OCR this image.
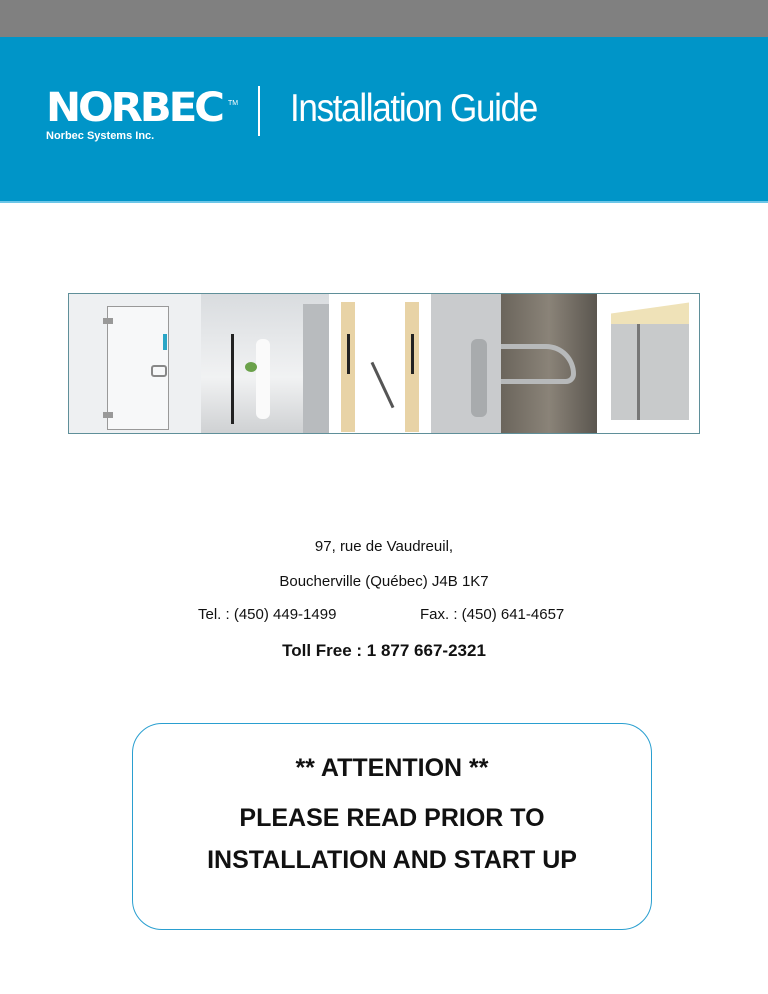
NORBEC TM
Norbec Systems Inc.
Installation Guide
97, rue de Vaudreuil,
Boucherville (Québec) J4B 1K7
Tel. : (450) 449-1499	Fax. : (450) 641-4657
Toll Free : 1 877 667-2321
** ATTENTION **
PLEASE READ PRIOR TO
INSTALLATION AND START UP
